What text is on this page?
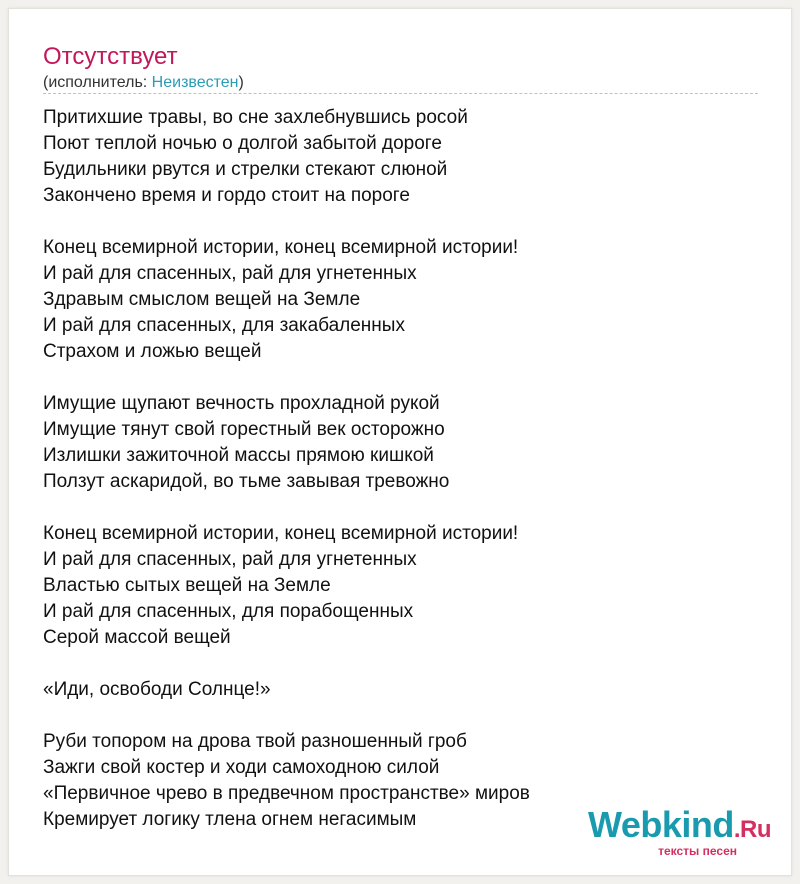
Отсутствует
(исполнитель: Неизвестен)
Притихшие травы, во сне захлебнувшись росой
Поют теплой ночью о долгой забытой дороге
Будильники рвутся и стрелки стекают слюной
Закончено время и гордо стоит на пороге
Конец всемирной истории, конец всемирной истории!
И рай для спасенных, рай для угнетенных
Здравым смыслом вещей на Земле
И рай для спасенных, для закабаленных
Страхом и ложью вещей
Имущие щупают вечность прохладной рукой
Имущие тянут свой горестный век осторожно
Излишки зажиточной массы прямою кишкой
Ползут аскаридой, во тьме завывая тревожно
Конец всемирной истории, конец всемирной истории!
И рай для спасенных, рай для угнетенных
Властью сытых вещей на Земле
И рай для спасенных, для порабощенных
Серой массой вещей
«Иди, освободи Солнце!»
Руби топором на дрова твой разношенный гроб
Зажги свой костер и ходи самоходною силой
«Первичное чрево в предвечном пространстве» миров
Кремирует логику тлена огнем негасимым	Webkind.Ru
тексты песен
